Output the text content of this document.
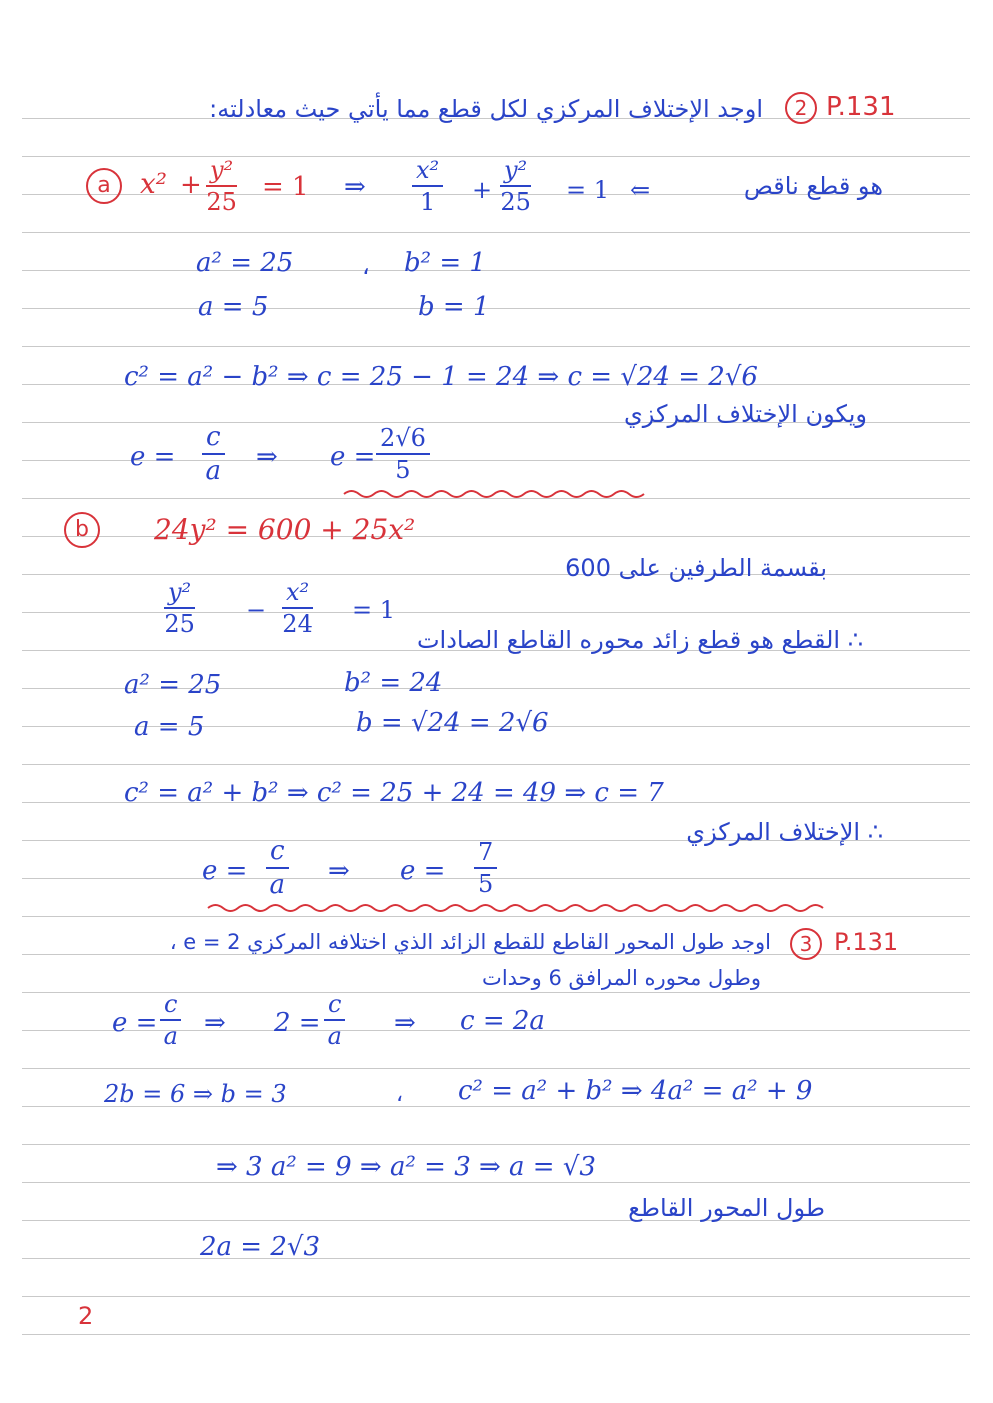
P.131
2
اوجد الإختلاف المركزي لكل قطع مما يأتي حيث معادلته:
a	$x^2 + \frac{\text{y²}}{25} = 1$ ⇒ $\frac{\text{x²}}{1} + \frac{\text{y²}}{25} = 1$ ⇐	هو قطع ناقص
a² = 25	، b² = 1
a = 5	b = 1
c² = a² − b² ⇒ c = 25 − 1 = 24 ⇒ c = √24 = 2√6
ويكون الإختلاف المركزي
$e = \frac{c}{a}$ ⇒ $e = \frac{2√6}{5}$
b	24y² = 600 + 25x²
بقسمة الطرفين على 600
$\frac{\text{y²}}{25} - \frac{\text{x²}}{24} = 1$
∴ القطع هو قطع زائد محوره القاطع الصادات
a² = 25	b² = 24
a = 5	b = √24 = 2√6
c² = a² + b² ⇒ c² = 25 + 24 = 49 ⇒ c = 7
∴ الإختلاف المركزي
$e = \frac{c}{a}$ ⇒ $e = \frac{7}{5}$
P.131
3
اوجد طول المحور القاطع للقطع الزائد الذي اختلافه المركزي e = 2 ،
وطول محوره المرافق 6 وحدات
$e = \frac{c}{a}$ ⇒ $2 = \frac{c}{a}$ ⇒ c = 2a
2b = 6 ⇒ b = 3	، c² = a² + b² ⇒ 4a² = a² + 9
⇒ 3 a² = 9 ⇒ a² = 3 ⇒ a = √3
طول المحور القاطع
2a = 2√3
2
